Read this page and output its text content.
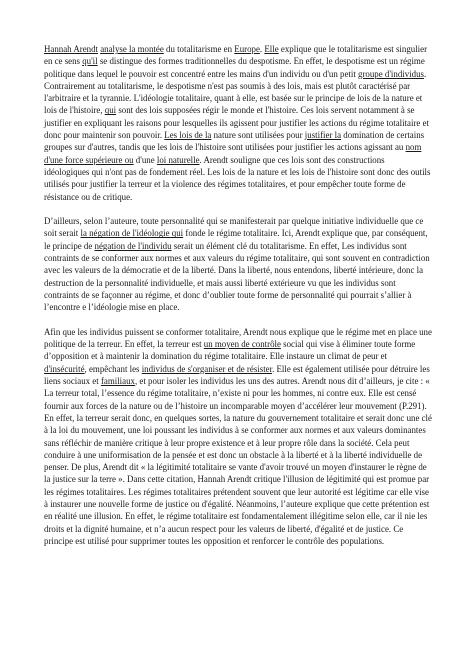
Hannah Arendt analyse la montée du totalitarisme en Europe. Elle explique que le totalitarisme est singulier en ce sens qu'il se distingue des formes traditionnelles du despotisme. En effet, le despotisme est un régime politique dans lequel le pouvoir est concentré entre les mains d'un individu ou d'un petit groupe d'individus. Contrairement au totalitarisme, le despotisme n'est pas soumis à des lois, mais est plutôt caractérisé par l'arbitraire et la tyrannie. L'idéologie totalitaire, quant à elle, est basée sur le principe de lois de la nature et lois de l'histoire, qui sont des lois supposées régir le monde et l'histoire. Ces lois servent notamment à se justifier en expliquant les raisons pour lesquelles ils agissent pour justifier les actions du régime totalitaire et donc pour maintenir son pouvoir. Les lois de la nature sont utilisées pour justifier la domination de certains groupes sur d'autres, tandis que les lois de l'histoire sont utilisées pour justifier les actions agissant au nom d'une force supérieure ou d'une loi naturelle. Arendt souligne que ces lois sont des constructions idéologiques qui n'ont pas de fondement réel. Les lois de la nature et les lois de l'histoire sont donc des outils utilisés pour justifier la terreur et la violence des régimes totalitaires, et pour empêcher toute forme de résistance ou de critique.

D’ailleurs, selon l’auteure, toute personnalité qui se manifesterait par quelque initiative individuelle que ce soit serait la négation de l'idéologie qui fonde le régime totalitaire. Ici, Arendt explique que, par conséquent, le principe de négation de l'individu serait un élément clé du totalitarisme. En effet, Les individus sont contraints de se conformer aux normes et aux valeurs du régime totalitaire, qui sont souvent en contradiction avec les valeurs de la démocratie et de la liberté. Dans la liberté, nous entendons, liberté intérieure, donc la destruction de la personnalité individuelle, et mais aussi liberté extérieure vu que les individus sont contraints de se façonner au régime, et donc d’oublier toute forme de personnalité qui pourrait s’allier à l’encontre e l’idéologie mise en place.

Afin que les individus puissent se conformer totalitaire, Arendt nous explique que le régime met en place une politique de la terreur. En effet, la terreur est un moyen de contrôle social qui vise à éliminer toute forme d’opposition et à maintenir la domination du régime totalitaire. Elle instaure un climat de peur et d'insécurité, empêchant les individus de s'organiser et de résister. Elle est également utilisée pour détruire les liens sociaux et familiaux, et pour isoler les individus les uns des autres. Arendt nous dit d’ailleurs, je cite : « La terreur total, l’essence du régime totalitaire, n’existe ni pour les hommes, ni contre eux. Elle est censé fournir aux forces de la nature ou de l’histoire un incomparable moyen d’accélérer leur mouvement (P.291). En effet, la terreur serait donc, en quelques sortes, la nature du gouvernement totalitaire et serait donc une clé à la loi du mouvement, une loi poussant les individus à se conformer aux normes et aux valeurs dominantes sans réfléchir de manière critique à leur propre existence et à leur propre rôle dans la société. Cela peut conduire à une uniformisation de la pensée et est donc un obstacle à la liberté et à la liberté individuelle de penser. De plus, Arendt dit « la légitimité totalitaire se vante d'avoir trouvé un moyen d'instaurer le règne de la justice sur la terre ». Dans cette citation, Hannah Arendt critique l'illusion de légitimité qui est promue par les régimes totalitaires. Les régimes totalitaires prétendent souvent que leur autorité est légitime car elle vise à instaurer une nouvelle forme de justice ou d'égalité. Néanmoins, l’auteure explique que cette prétention est en réalité une illusion. En effet, le régime totalitaire est fondamentalement illégitime selon elle, car il nie les droits et la dignité humaine, et n’a aucun respect pour les valeurs de liberté, d'égalité et de justice. Ce principe est utilisé pour supprimer toutes les opposition et renforcer le contrôle des populations.
